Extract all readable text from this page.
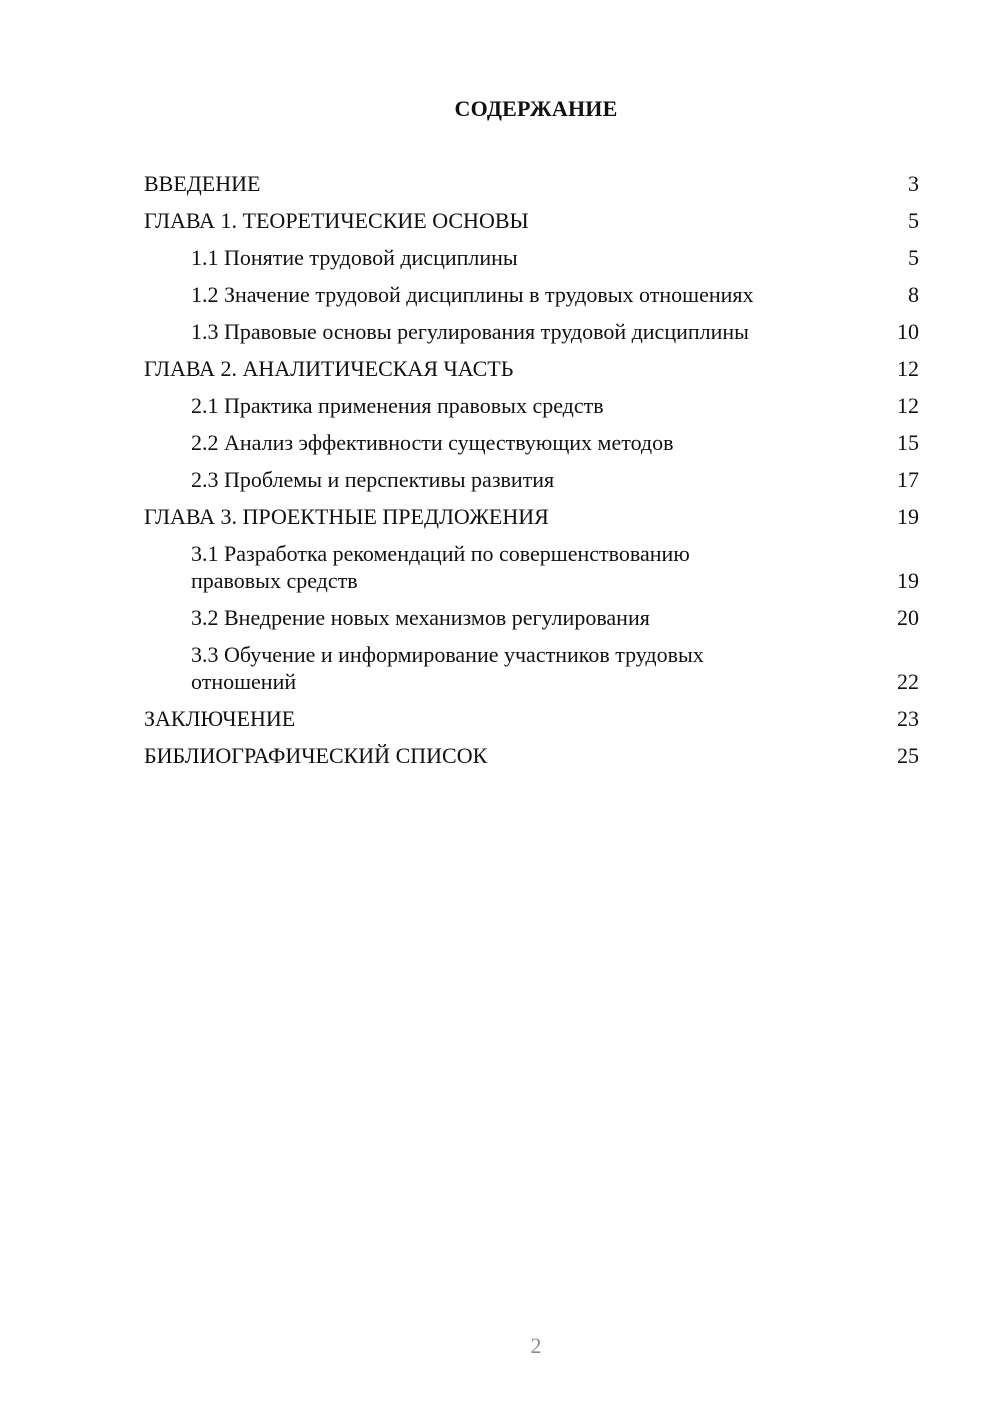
СОДЕРЖАНИЕ
ВВЕДЕНИЕ	3
ГЛАВА 1. ТЕОРЕТИЧЕСКИЕ ОСНОВЫ	5
1.1 Понятие трудовой дисциплины	5
1.2 Значение трудовой дисциплины в трудовых отношениях	8
1.3 Правовые основы регулирования трудовой дисциплины	10
ГЛАВА 2. АНАЛИТИЧЕСКАЯ ЧАСТЬ	12
2.1 Практика применения правовых средств	12
2.2 Анализ эффективности существующих методов	15
2.3 Проблемы и перспективы развития	17
ГЛАВА 3. ПРОЕКТНЫЕ ПРЕДЛОЖЕНИЯ	19
3.1 Разработка рекомендаций по совершенствованию правовых средств	19
3.2 Внедрение новых механизмов регулирования	20
3.3 Обучение и информирование участников трудовых отношений	22
ЗАКЛЮЧЕНИЕ	23
БИБЛИОГРАФИЧЕСКИЙ СПИСОК	25
2
